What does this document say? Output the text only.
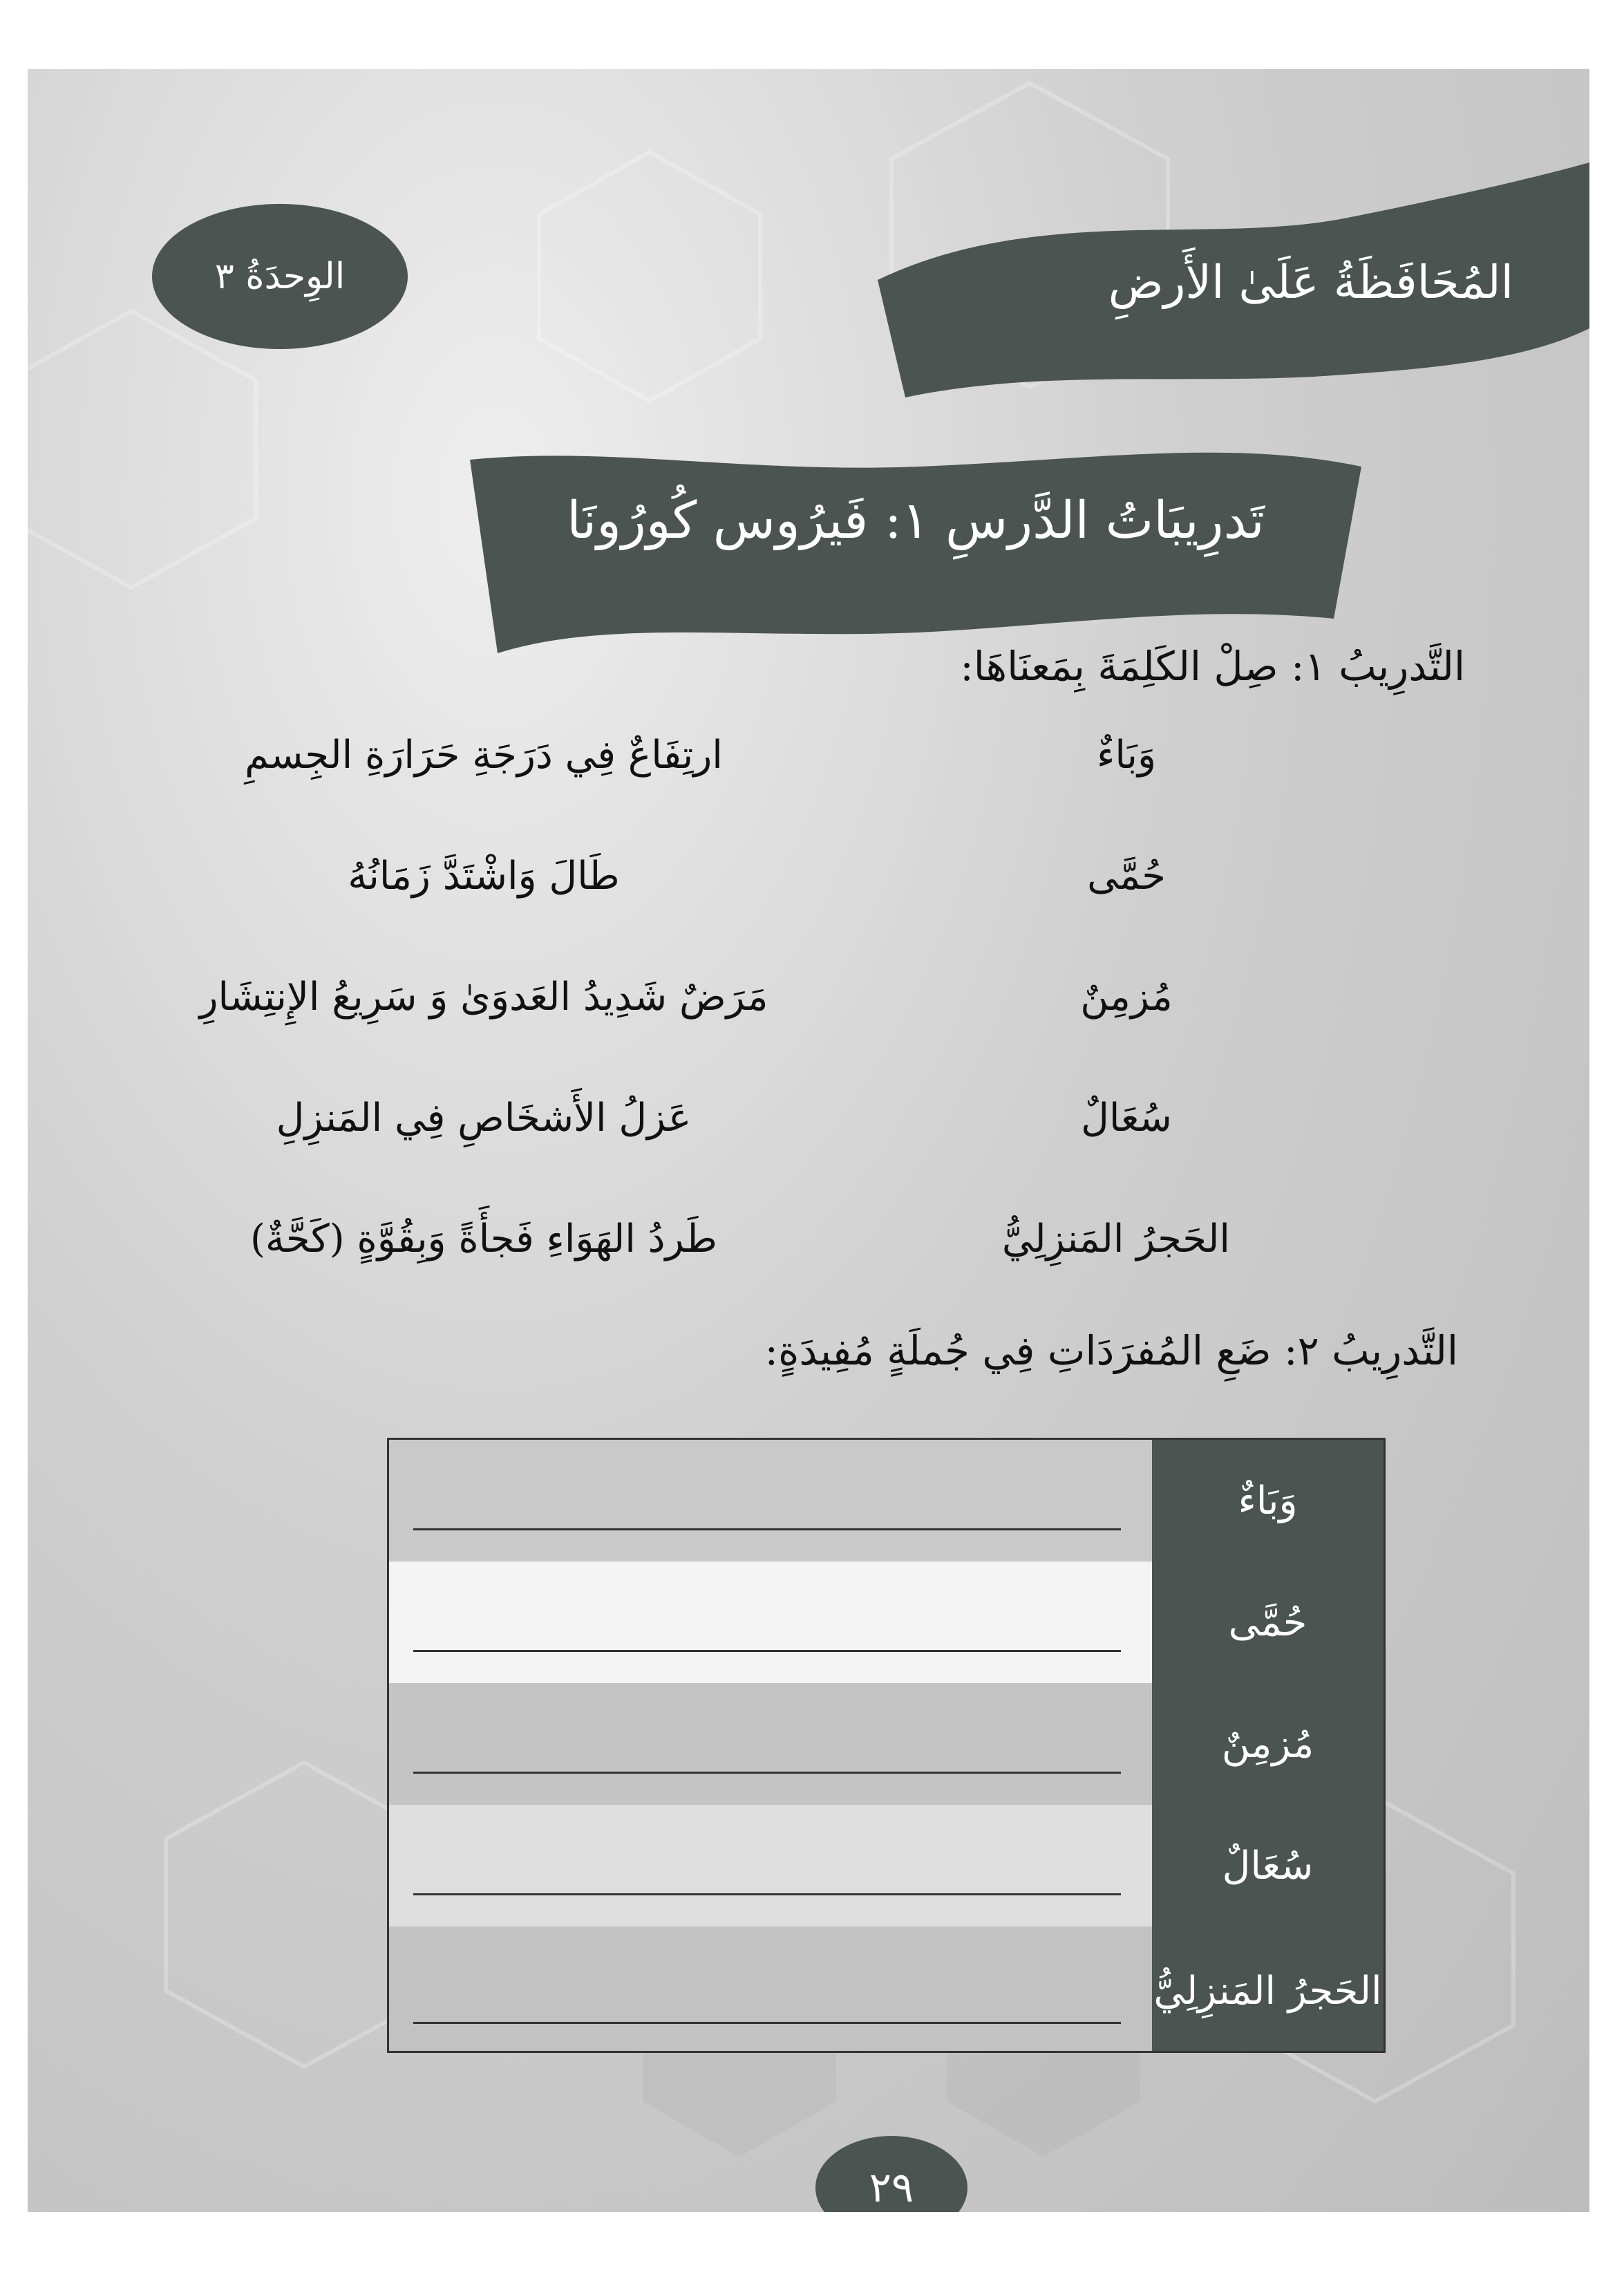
المُحَافَظَةُ عَلَىٰ الأَرضِ
الوِحدَةُ ٣
تَدرِيبَاتُ الدَّرسِ ١: فَيرُوس كُورُونَا
التَّدرِيبُ ١: صِلْ الكَلِمَةَ بِمَعنَاهَا:
وَبَاءٌ
حُمَّى
مُزمِنٌ
سُعَالٌ
الحَجرُ المَنزِلِيُّ
ارتِفَاعٌ فِي دَرَجَةِ حَرَارَةِ الجِسمِ
طَالَ وَاشْتَدَّ زَمَانُهُ
مَرَضٌ شَدِيدُ العَدوَىٰ وَ سَرِيعُ الإِنتِشَارِ
عَزلُ الأَشخَاصِ فِي المَنزِلِ
طَردُ الهَوَاءِ فَجأَةً وَبِقُوَّةٍ (كَحَّةٌ)
التَّدرِيبُ ٢: ضَعِ المُفرَدَاتِ فِي جُملَةٍ مُفِيدَةٍ:
وَبَاءٌ
حُمَّى
مُزمِنٌ
سُعَالٌ
الحَجرُ المَنزِلِيُّ
٢٩
